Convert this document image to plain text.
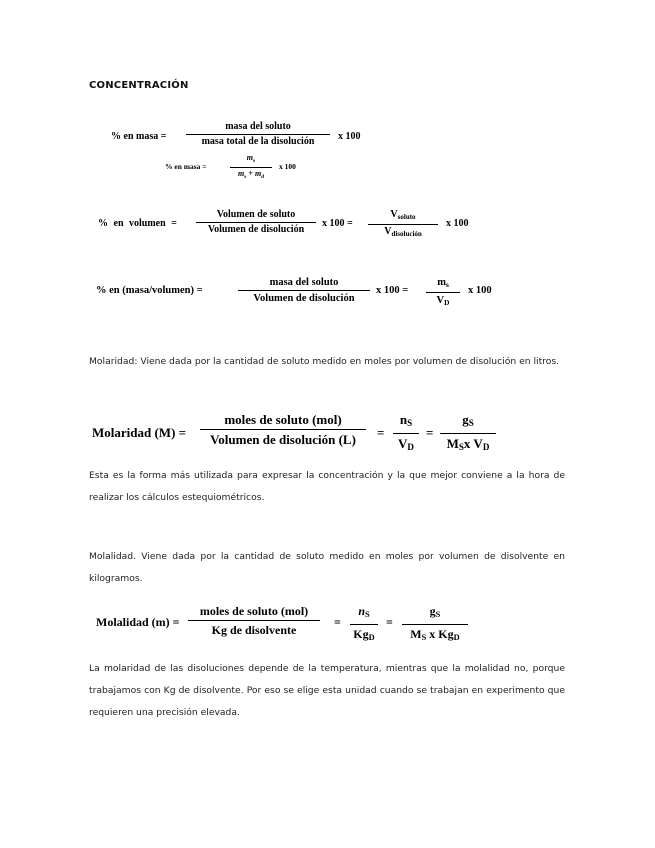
CONCENTRACIÓN
% en masa =
masa del soluto
masa total de la disolución	x 100
% en masa =	$\frac{m_s}{m_s + m_d}$ x 100
% en volumen =
Volumen de soluto
Volumen de disolución
x 100 =
$V_{soluto}$
$V_{disolución}$
x 100
% en (masa/volumen) =
masa del soluto
Volumen de disolución
x $100 = \frac{m_s}{V_D}$ x 100
Molaridad: Viene dada por la cantidad de soluto medido en moles por volumen de disolución en litros.
Molaridad (M) =
moles de soluto (mol)
Volumen de disolución (L)	= $\frac{n_S}{V_D}$ =
$g_S$
$M_Sx$ $V_D$
Esta es la forma más utilizada para expresar la concentración y la que mejor conviene a la hora de realizar los cálculos estequiométricos.
Molalidad. Viene dada por la cantidad de soluto medido en moles por volumen de disolvente en kilogramos.
Molalidad (m) =
moles de soluto (mol)
Kg de disolvente
=
$n_S$
$Kg_D$
=
$g_S$
$M_S$ x $Kg_D$
La molaridad de las disoluciones depende de la temperatura, mientras que la molalidad no, porque trabajamos con Kg de disolvente. Por eso se elige esta unidad cuando se trabajan en experimento que requieren una precisión elevada.
